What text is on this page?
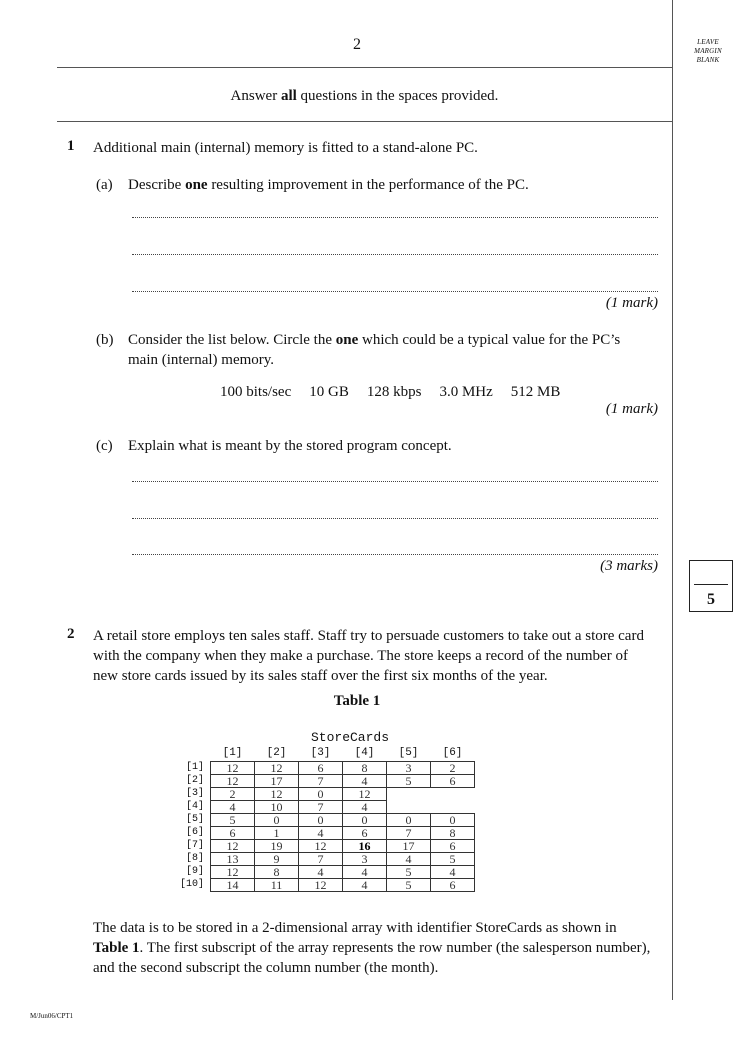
2	LEAVE
MARGIN
BLANK
Answer all questions in the spaces provided.
1 Additional main (internal) memory is fitted to a stand-alone PC.
(a) Describe one resulting improvement in the performance of the PC.
(1 mark)
(b) Consider the list below. Circle the one which could be a typical value for the PC’s
main (internal) memory.
100 bits/sec 10 GB 128 kbps 3.0 MHz 512 MB
(1 mark)
(c) Explain what is meant by the stored program concept.
(3 marks)
5
2 A retail store employs ten sales staff. Staff try to persuade customers to take out a store card
with the company when they make a purchase. The store keeps a record of the number of
new store cards issued by its sales staff over the first six months of the year.
Table 1
StoreCards
	[1]	[2]	[3]	[4]	[5]	[6]
[1]	12	12	6	8	3	2
[2]	12	17	7	4	5	6
[3]	2	12	0	12		
[4]	4	10	7	4		
[5]	5	0	0	0	0	0
[6]	6	1	4	6	7	8
[7]	12	19	12	16	17	6
[8]	13	9	7	3	4	5
[9]	12	8	4	4	5	4
[10]	14	11	12	4	5	6
The data is to be stored in a 2-dimensional array with identifier StoreCards as shown in
Table 1. The first subscript of the array represents the row number (the salesperson number),
and the second subscript the column number (the month).
M/Jun06/CPT1
